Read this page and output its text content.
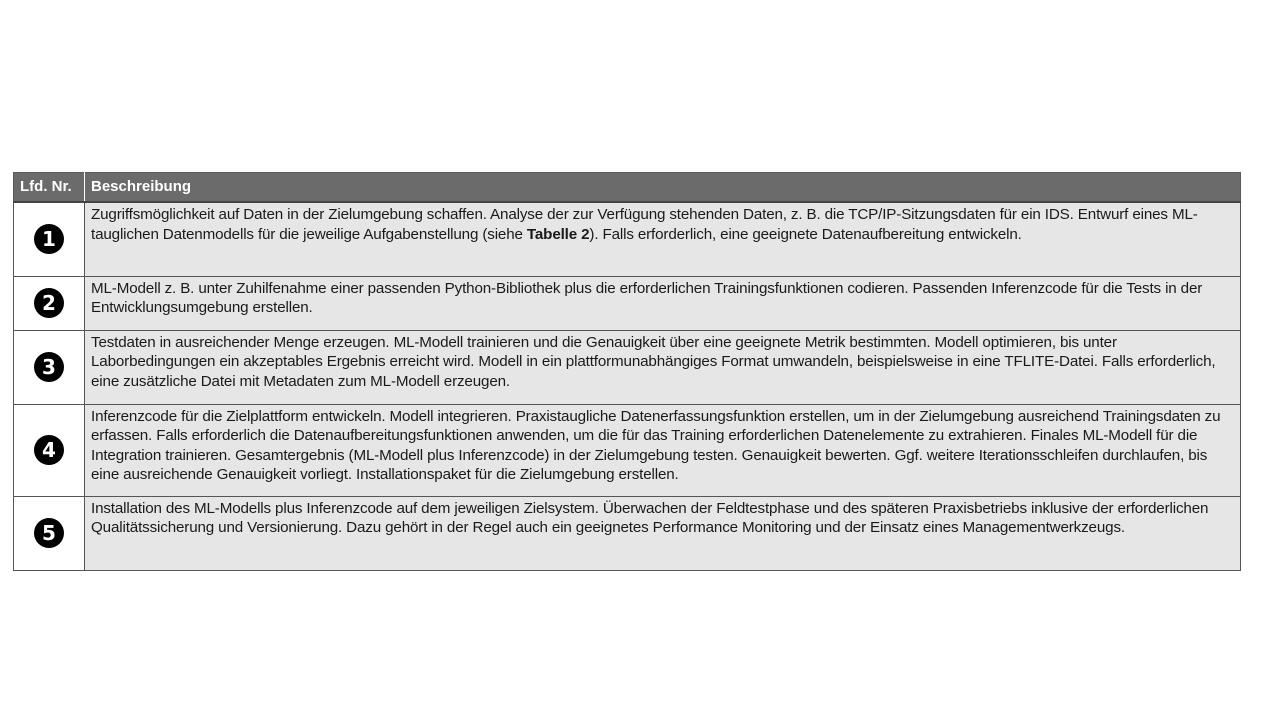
Lfd. Nr.	Beschreibung
1	Zugriffsmöglichkeit auf Daten in der Zielumgebung schaffen. Analyse der zur Verfügung stehenden Daten, z. B. die TCP/IP-Sitzungsdaten für ein IDS. Entwurf eines ML-tauglichen Datenmodells für die jeweilige Aufgabenstellung (siehe Tabelle 2). Falls erforderlich, eine geeignete Datenaufbereitung entwickeln.
2	ML-Modell z. B. unter Zuhilfenahme einer passenden Python-Bibliothek plus die erforderlichen Trainingsfunktionen codieren. Passenden Inferenzcode für die Tests in der Entwicklungsumgebung erstellen.
3	Testdaten in ausreichender Menge erzeugen. ML-Modell trainieren und die Genauigkeit über eine geeignete Metrik bestimmten. Modell optimieren, bis unter Laborbedingungen ein akzeptables Ergebnis erreicht wird. Modell in ein plattformunabhängiges Format umwandeln, beispielsweise in eine TFLITE-Datei. Falls erforderlich, eine zusätzliche Datei mit Metadaten zum ML-Modell erzeugen.
4	Inferenzcode für die Zielplattform entwickeln. Modell integrieren. Praxistaugliche Datenerfassungsfunktion erstellen, um in der Zielumgebung ausreichend Trainingsdaten zu erfassen. Falls erforderlich die Datenaufbereitungsfunktionen anwenden, um die für das Training erforderlichen Datenelemente zu extrahieren. Finales ML-Modell für die Integration trainieren. Gesamtergebnis (ML-Modell plus Inferenzcode) in der Zielumgebung testen. Genauigkeit bewerten. Ggf. weitere Iterationsschleifen durchlaufen, bis eine ausreichende Genauigkeit vorliegt. Installationspaket für die Zielumgebung erstellen.
5	Installation des ML-Modells plus Inferenzcode auf dem jeweiligen Zielsystem. Überwachen der Feldtestphase und des späteren Praxisbetriebs inklusive der erforderlichen Qualitätssicherung und Versionierung. Dazu gehört in der Regel auch ein geeignetes Performance Monitoring und der Einsatz eines Managementwerkzeugs.
